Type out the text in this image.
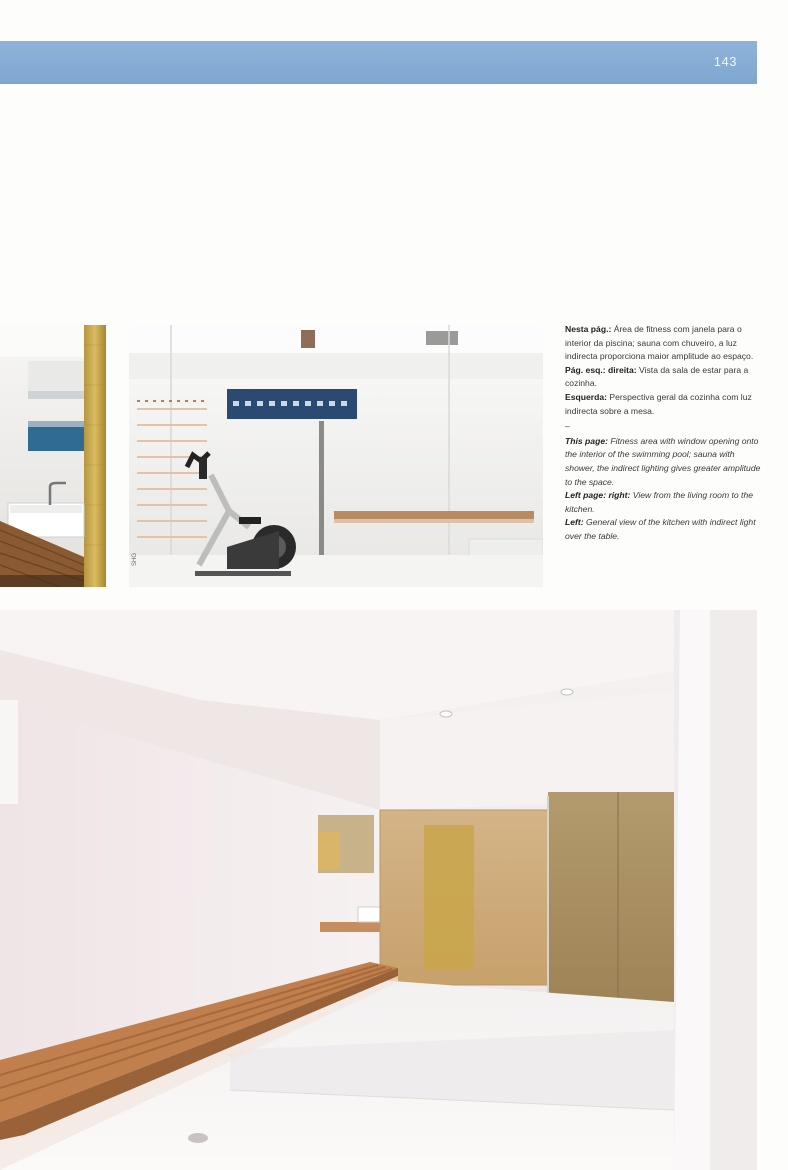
143

Nesta pág.: Área de fitness com janela para o interior da piscina; sauna com chuveiro, a luz indirecta proporciona maior amplitude ao espaço.

Pág. esq.: direita: Vista da sala de estar para a cozinha.

Esquerda: Perspectiva geral da cozinha com luz indirecta sobre a mesa.

–

This page: Fitness area with window opening onto the interior of the swimming pool; sauna with shower, the indirect lighting gives greater amplitude to the space.

Left page: right: View from the living room to the kitchen.

Left: General view of the kitchen with indirect light over the table.

SHG
